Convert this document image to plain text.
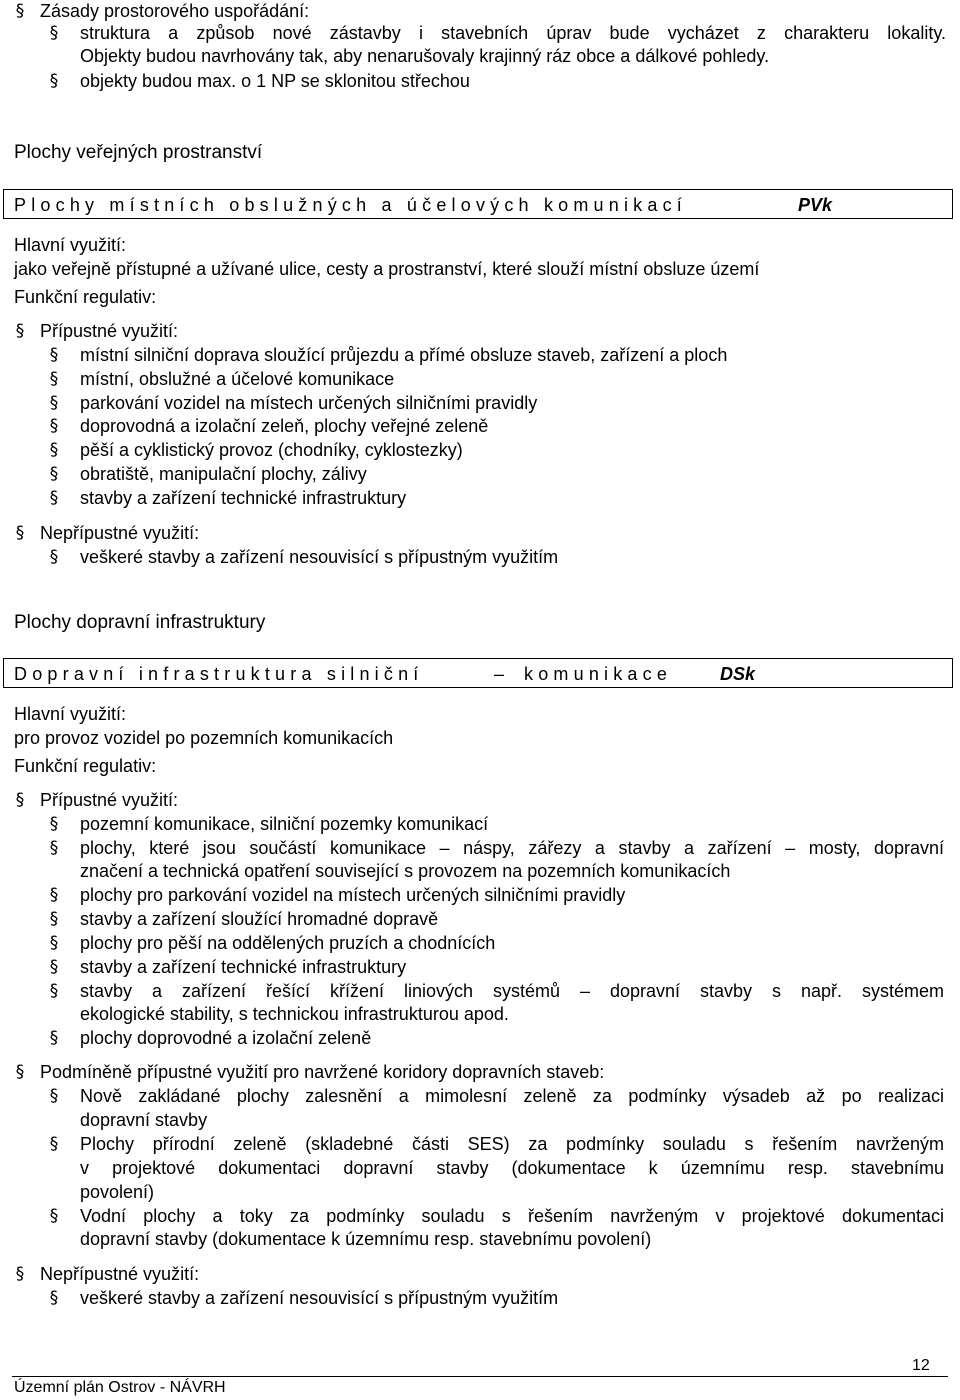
§
Zásady prostorového uspořádání:
§
struktura a způsob nové zástavby i stavebních úprav bude vycházet z charakteru lokality.
Objekty budou navrhovány tak, aby nenarušovaly krajinný ráz obce a dálkové pohledy.
§
objekty budou max. o 1 NP se sklonitou střechou
Plochy veřejných prostranství
Plochy místních obslužných a účelových komunikací	PVk
Hlavní využití:
jako veřejně přístupné a užívané ulice, cesty a prostranství, které slouží místní obsluze území
Funkční regulativ:
§
Přípustné využití:
§
místní silniční doprava sloužící průjezdu a přímé obsluze staveb, zařízení a ploch
§
místní, obslužné a účelové komunikace
§
parkování vozidel na místech určených silničními pravidly
§
doprovodná a izolační zeleň, plochy veřejné zeleně
§
pěší a cyklistický provoz (chodníky, cyklostezky)
§
obratiště, manipulační plochy, zálivy
§
stavby a zařízení technické infrastruktury
§
Nepřípustné využití:
§
veškeré stavby a zařízení nesouvisící s přípustným využitím
Plochy dopravní infrastruktury
Dopravní infrastruktura silniční	– komunikace	DSk
Hlavní využití:
pro provoz vozidel po pozemních komunikacích
Funkční regulativ:
§
Přípustné využití:
§
pozemní komunikace, silniční pozemky komunikací
§
plochy, které jsou součástí komunikace – náspy, zářezy a stavby a zařízení – mosty, dopravní
značení a technická opatření související s provozem na pozemních komunikacích
§
plochy pro parkování vozidel na místech určených silničními pravidly
§
stavby a zařízení sloužící hromadné dopravě
§
plochy pro pěší na oddělených pruzích a chodnících
§
stavby a zařízení technické infrastruktury
§
stavby a zařízení řešící křížení liniových systémů – dopravní stavby s např. systémem
ekologické stability, s technickou infrastrukturou apod.
§
plochy doprovodné a izolační zeleně
§
Podmíněně přípustné využití pro navržené koridory dopravních staveb:
§
Nově zakládané plochy zalesnění a mimolesní zeleně za podmínky výsadeb až po realizaci
dopravní stavby
§
Plochy přírodní zeleně (skladebné části SES) za podmínky souladu s řešením navrženým
v projektové dokumentaci dopravní stavby (dokumentace k územnímu resp. stavebnímu
povolení)
§
Vodní plochy a toky za podmínky souladu s řešením navrženým v projektové dokumentaci
dopravní stavby (dokumentace k územnímu resp. stavebnímu povolení)
§
Nepřípustné využití:
§
veškeré stavby a zařízení nesouvisící s přípustným využitím
12
Územní plán Ostrov - NÁVRH
